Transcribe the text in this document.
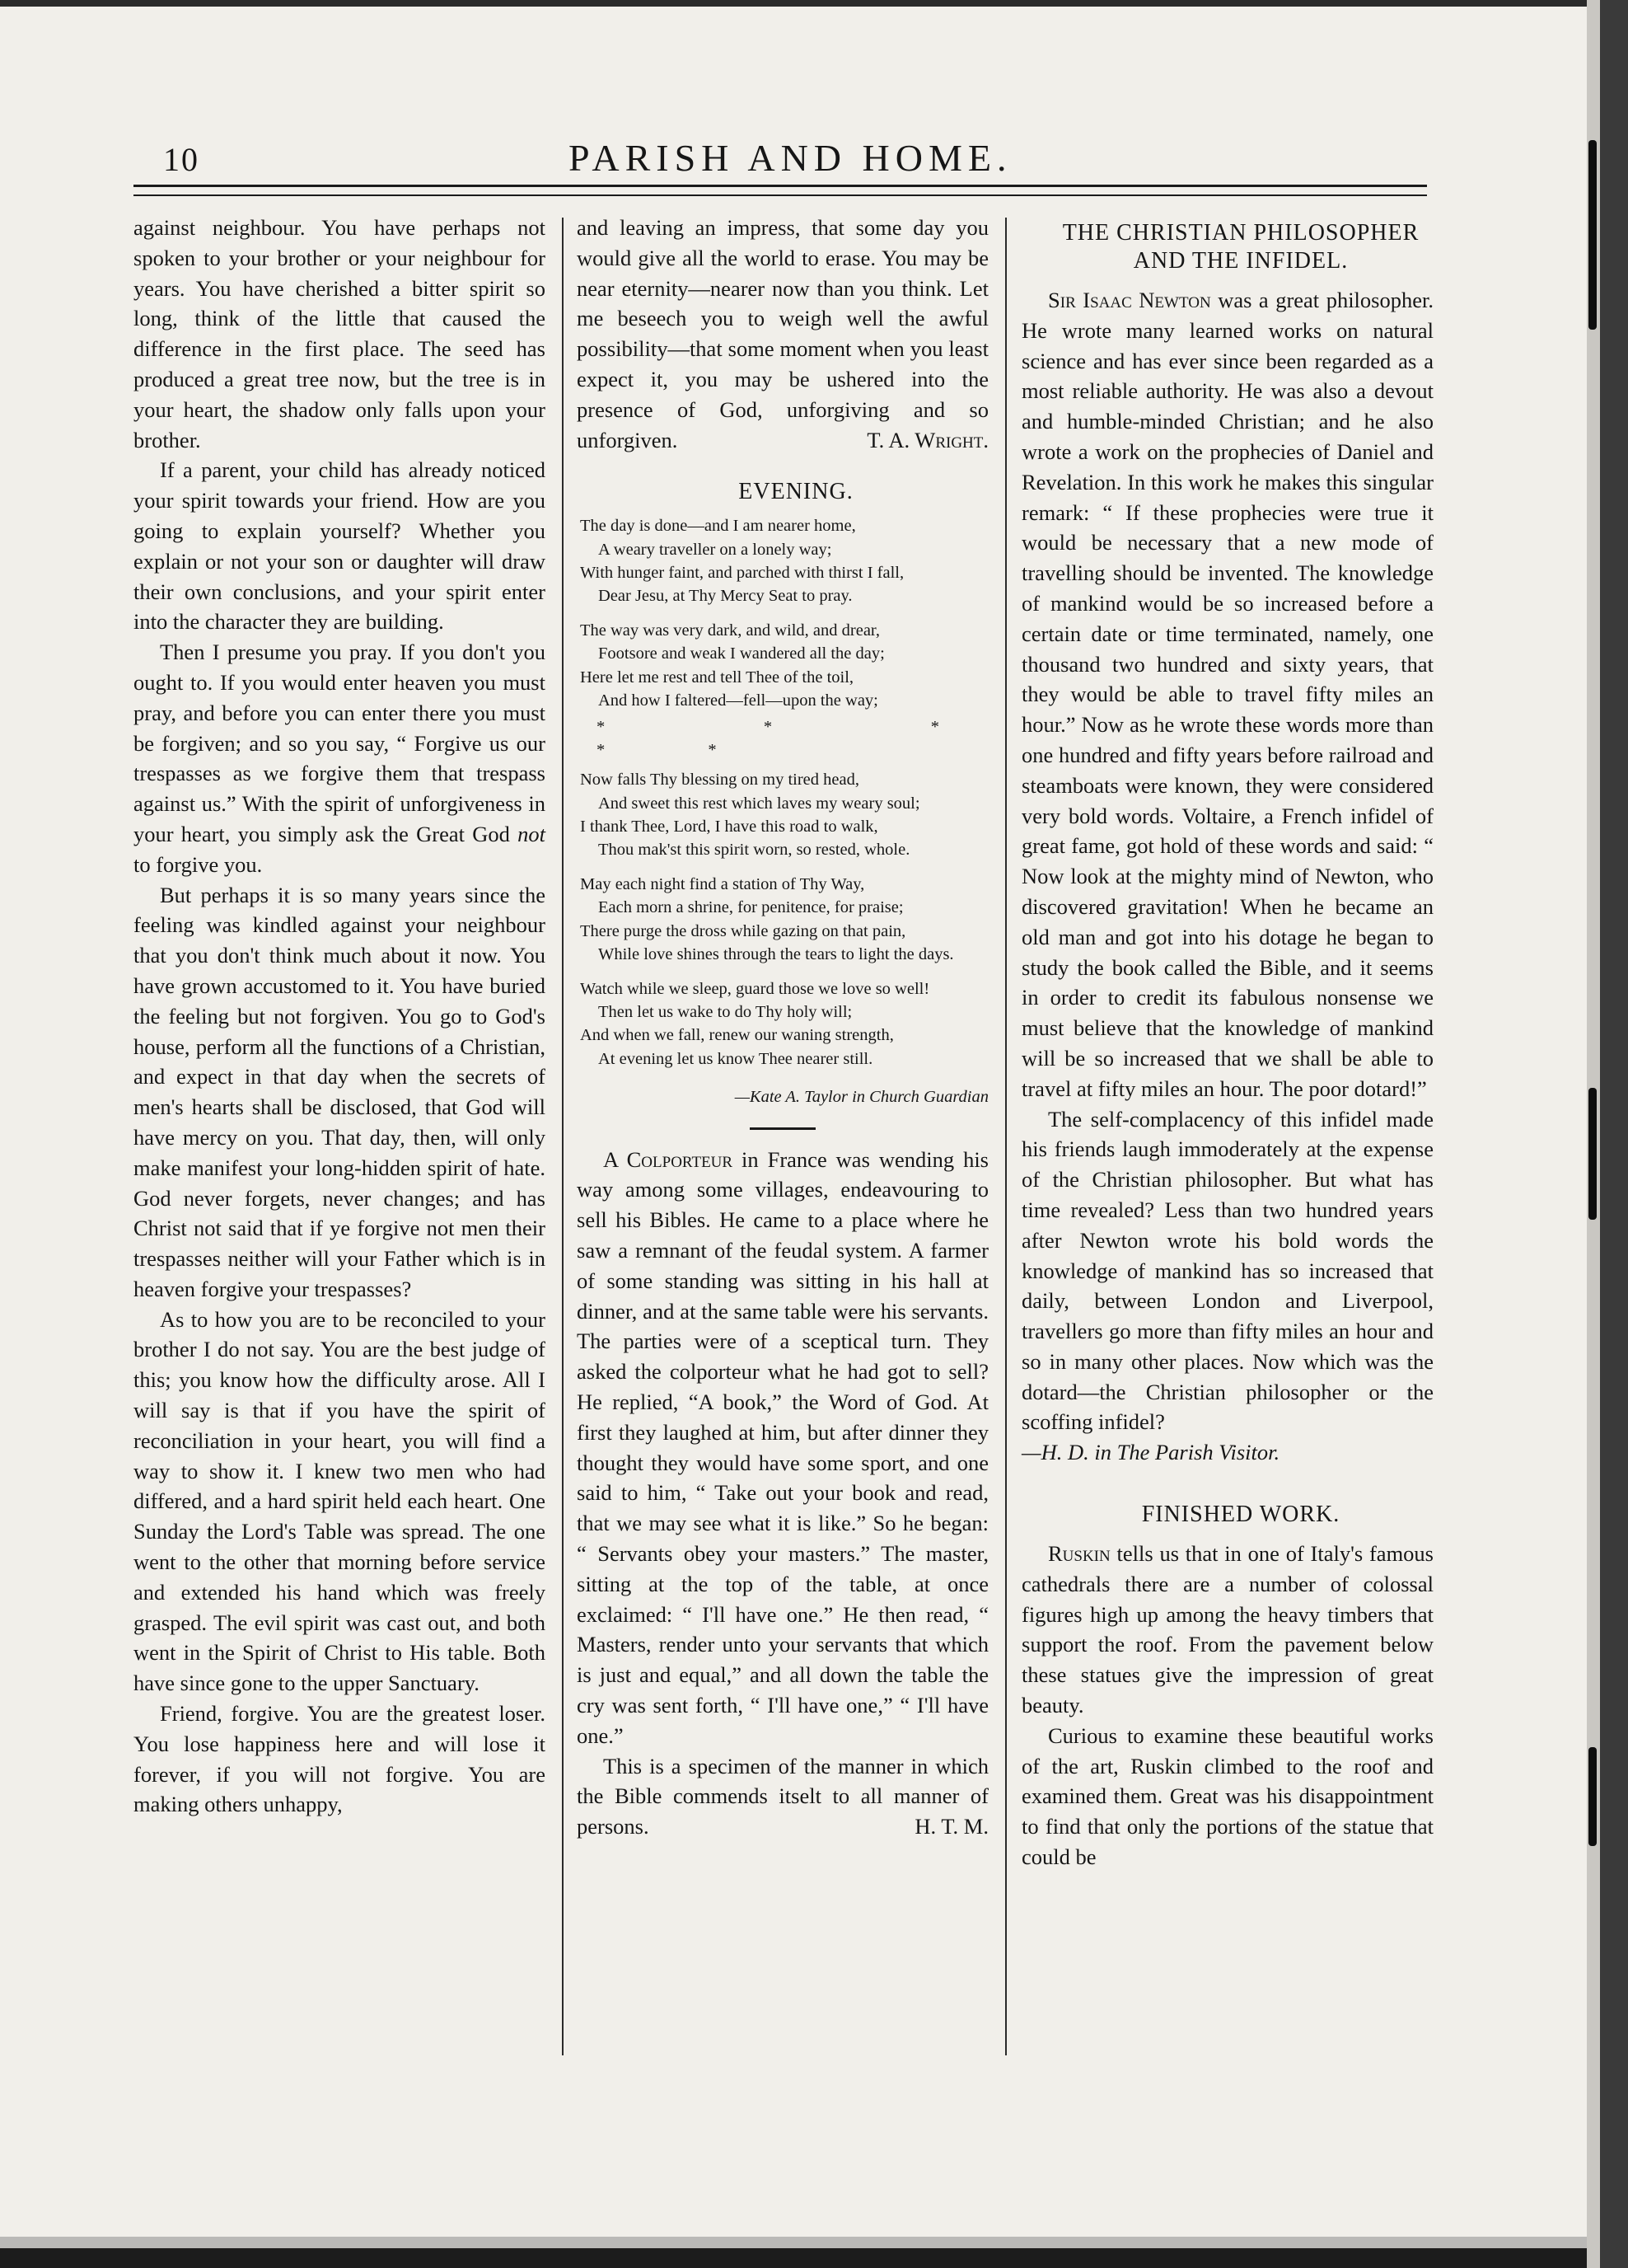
10	PARISH AND HOME.

against neighbour. You have perhaps not spoken to your brother or your neighbour for years. You have cherished a bitter spirit so long, think of the little that caused the difference in the first place. The seed has produced a great tree now, but the tree is in your heart, the shadow only falls upon your brother.

If a parent, your child has already noticed your spirit towards your friend. How are you going to explain yourself? Whether you explain or not your son or daughter will draw their own conclusions, and your spirit enter into the character they are building.

Then I presume you pray. If you don't you ought to. If you would enter heaven you must pray, and before you can enter there you must be forgiven; and so you say, “ Forgive us our trespasses as we forgive them that trespass against us.” With the spirit of unforgiveness in your heart, you simply ask the Great God not to forgive you.

But perhaps it is so many years since the feeling was kindled against your neighbour that you don't think much about it now. You have grown accustomed to it. You have buried the feeling but not forgiven. You go to God's house, perform all the functions of a Christian, and expect in that day when the secrets of men's hearts shall be disclosed, that God will have mercy on you. That day, then, will only make manifest your long-hidden spirit of hate. God never forgets, never changes; and has Christ not said that if ye forgive not men their trespasses neither will your Father which is in heaven forgive your trespasses?

As to how you are to be reconciled to your brother I do not say. You are the best judge of this; you know how the difficulty arose. All I will say is that if you have the spirit of reconciliation in your heart, you will find a way to show it. I knew two men who had differed, and a hard spirit held each heart. One Sunday the Lord's Table was spread. The one went to the other that morning before service and extended his hand which was freely grasped. The evil spirit was cast out, and both went in the Spirit of Christ to His table. Both have since gone to the upper Sanctuary.

Friend, forgive. You are the greatest loser. You lose happiness here and will lose it forever, if you will not forgive. You are making others unhappy,

and leaving an impress, that some day you would give all the world to erase. You may be near eternity—nearer now than you think. Let me beseech you to weigh well the awful possibility—that some moment when you least expect it, you may be ushered into the presence of God, unforgiving and so unforgiven.	T. A. Wright.

EVENING.

The day is done—and I am nearer home,
A weary traveller on a lonely way;
With hunger faint, and parched with thirst I fall,
Dear Jesu, at Thy Mercy Seat to pray.
The way was very dark, and wild, and drear,
Footsore and weak I wandered all the day;
Here let me rest and tell Thee of the toil,
And how I faltered—fell—upon the way;
* * * * *
Now falls Thy blessing on my tired head,
And sweet this rest which laves my weary soul;
I thank Thee, Lord, I have this road to walk,
Thou mak'st this spirit worn, so rested, whole.
May each night find a station of Thy Way,
Each morn a shrine, for penitence, for praise;
There purge the dross while gazing on that pain,
While love shines through the tears to light the days.
Watch while we sleep, guard those we love so well!
Then let us wake to do Thy holy will;
And when we fall, renew our waning strength,
At evening let us know Thee nearer still.
—Kate A. Taylor in Church Guardian

A Colporteur in France was wending his way among some villages, endeavouring to sell his Bibles. He came to a place where he saw a remnant of the feudal system. A farmer of some standing was sitting in his hall at dinner, and at the same table were his servants. The parties were of a sceptical turn. They asked the colporteur what he had got to sell? He replied, “A book,” the Word of God. At first they laughed at him, but after dinner they thought they would have some sport, and one said to him, “ Take out your book and read, that we may see what it is like.” So he began: “ Servants obey your masters.” The master, sitting at the top of the table, at once exclaimed: “ I'll have one.” He then read, “ Masters, render unto your servants that which is just and equal,” and all down the table the cry was sent forth, “ I'll have one,” “ I'll have one.”

This is a specimen of the manner in which the Bible commends itselt to all manner of persons.	H. T. M.

THE CHRISTIAN PHILOSOPHER

AND THE INFIDEL.

Sir Isaac Newton was a great philosopher. He wrote many learned works on natural science and has ever since been regarded as a most reliable authority. He was also a devout and humble-minded Christian; and he also wrote a work on the prophecies of Daniel and Revelation. In this work he makes this singular remark: “ If these prophecies were true it would be necessary that a new mode of travelling should be invented. The knowledge of mankind would be so increased before a certain date or time terminated, namely, one thousand two hundred and sixty years, that they would be able to travel fifty miles an hour.” Now as he wrote these words more than one hundred and fifty years before railroad and steamboats were known, they were considered very bold words. Voltaire, a French infidel of great fame, got hold of these words and said: “ Now look at the mighty mind of Newton, who discovered gravitation! When he became an old man and got into his dotage he began to study the book called the Bible, and it seems in order to credit its fabulous nonsense we must believe that the knowledge of mankind will be so increased that we shall be able to travel at fifty miles an hour. The poor dotard!”

The self-complacency of this infidel made his friends laugh immoderately at the expense of the Christian philosopher. But what has time revealed? Less than two hundred years after Newton wrote his bold words the knowledge of mankind has so increased that daily, between London and Liverpool, travellers go more than fifty miles an hour and so in many other places. Now which was the dotard—the Christian philosopher or the scoffing infidel?

—H. D. in The Parish Visitor.

FINISHED WORK.

Ruskin tells us that in one of Italy's famous cathedrals there are a number of colossal figures high up among the heavy timbers that support the roof. From the pavement below these statues give the impression of great beauty.

Curious to examine these beautiful works of the art, Ruskin climbed to the roof and examined them. Great was his disappointment to find that only the portions of the statue that could be
